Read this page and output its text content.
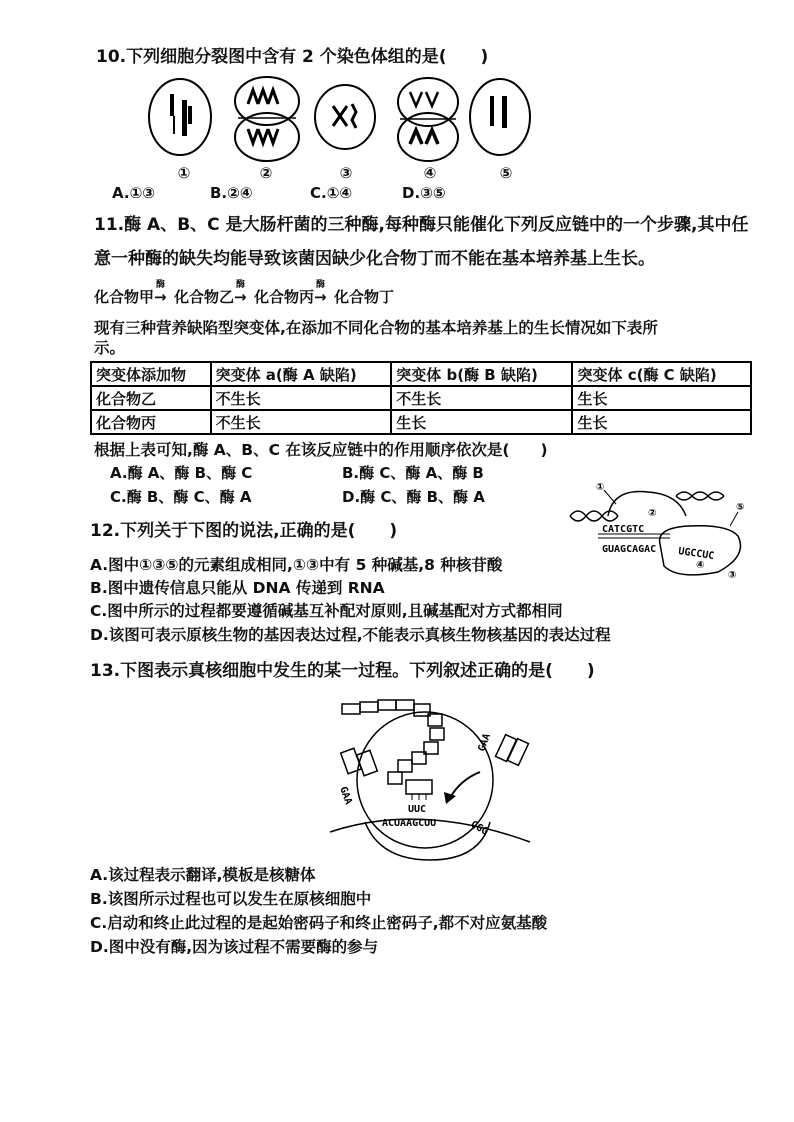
10.下列细胞分裂图中含有 2 个染色体组的是(　　)
①	②	③	④	⑤
A.①③	B.②④	C.①④	D.③⑤
11.酶 A、B、C 是大肠杆菌的三种酶,每种酶只能催化下列反应链中的一个步骤,其中任
意一种酶的缺失均能导致该菌因缺少化合物丁而不能在基本培养基上生长。
化合物甲
酶
→ 化合物乙
酶
→ 化合物丙
酶
→ 化合物丁
现有三种营养缺陷型突变体,在添加不同化合物的基本培养基上的生长情况如下表所
示。
突变体添加物	突变体 a(酶 A 缺陷)	突变体 b(酶 B 缺陷)	突变体 c(酶 C 缺陷)
化合物乙	不生长	不生长	生长
化合物丙	不生长	生长	生长
根据上表可知,酶 A、B、C 在该反应链中的作用顺序依次是(　　)
A.酶 A、酶 B、酶 C	B.酶 C、酶 A、酶 B
C.酶 B、酶 C、酶 A	D.酶 C、酶 B、酶 A
12.下列关于下图的说法,正确的是(　　)	CATCGTC
GUAGCAGAC UGCCUC
①
②
④
⑤
③
A.图中①③⑤的元素组成相同,①③中有 5 种碱基,8 种核苷酸
B.图中遗传信息只能从 DNA 传递到 RNA
C.图中所示的过程都要遵循碱基互补配对原则,且碱基配对方式都相同
D.该图可表示原核生物的基因表达过程,不能表示真核生物核基因的表达过程
13.下图表示真核细胞中发生的某一过程。下列叙述正确的是(　　)
GAA
UUC
ACUAAGCUU
GAA
CGG
A.该过程表示翻译,模板是核糖体
B.该图所示过程也可以发生在原核细胞中
C.启动和终止此过程的是起始密码子和终止密码子,都不对应氨基酸
D.图中没有酶,因为该过程不需要酶的参与
